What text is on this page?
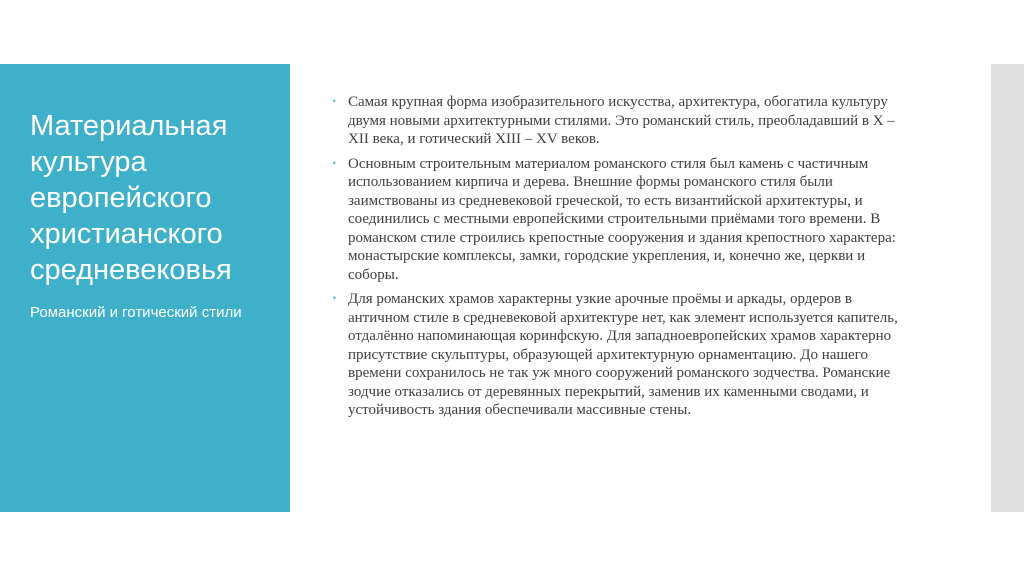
Материальная культура европейского христианского средневековья

Романский и готический стили

• Самая крупная форма изобразительного искусства, архитектура, обогатила культуру двумя новыми архитектурными стилями. Это романский стиль, преобладавший в X – XII века, и готический XIII – XV веков.
• Основным строительным материалом романского стиля был камень с частичным использованием кирпича и дерева. Внешние формы романского стиля были заимствованы из средневековой греческой, то есть византийской архитектуры, и соединились с местными европейскими строительными приёмами того времени. В романском стиле строились крепостные сооружения и здания крепостного характера: монастырские комплексы, замки, городские укрепления, и, конечно же, церкви и соборы.
• Для романских храмов характерны узкие арочные проёмы и аркады, ордеров в античном стиле в средневековой архитектуре нет, как элемент используется капитель, отдалённо напоминающая коринфскую. Для западноевропейских храмов характерно присутствие скульптуры, образующей архитектурную орнаментацию. До нашего времени сохранилось не так уж много сооружений романского зодчества. Романские зодчие отказались от деревянных перекрытий, заменив их каменными сводами, и устойчивость здания обеспечивали массивные стены.
